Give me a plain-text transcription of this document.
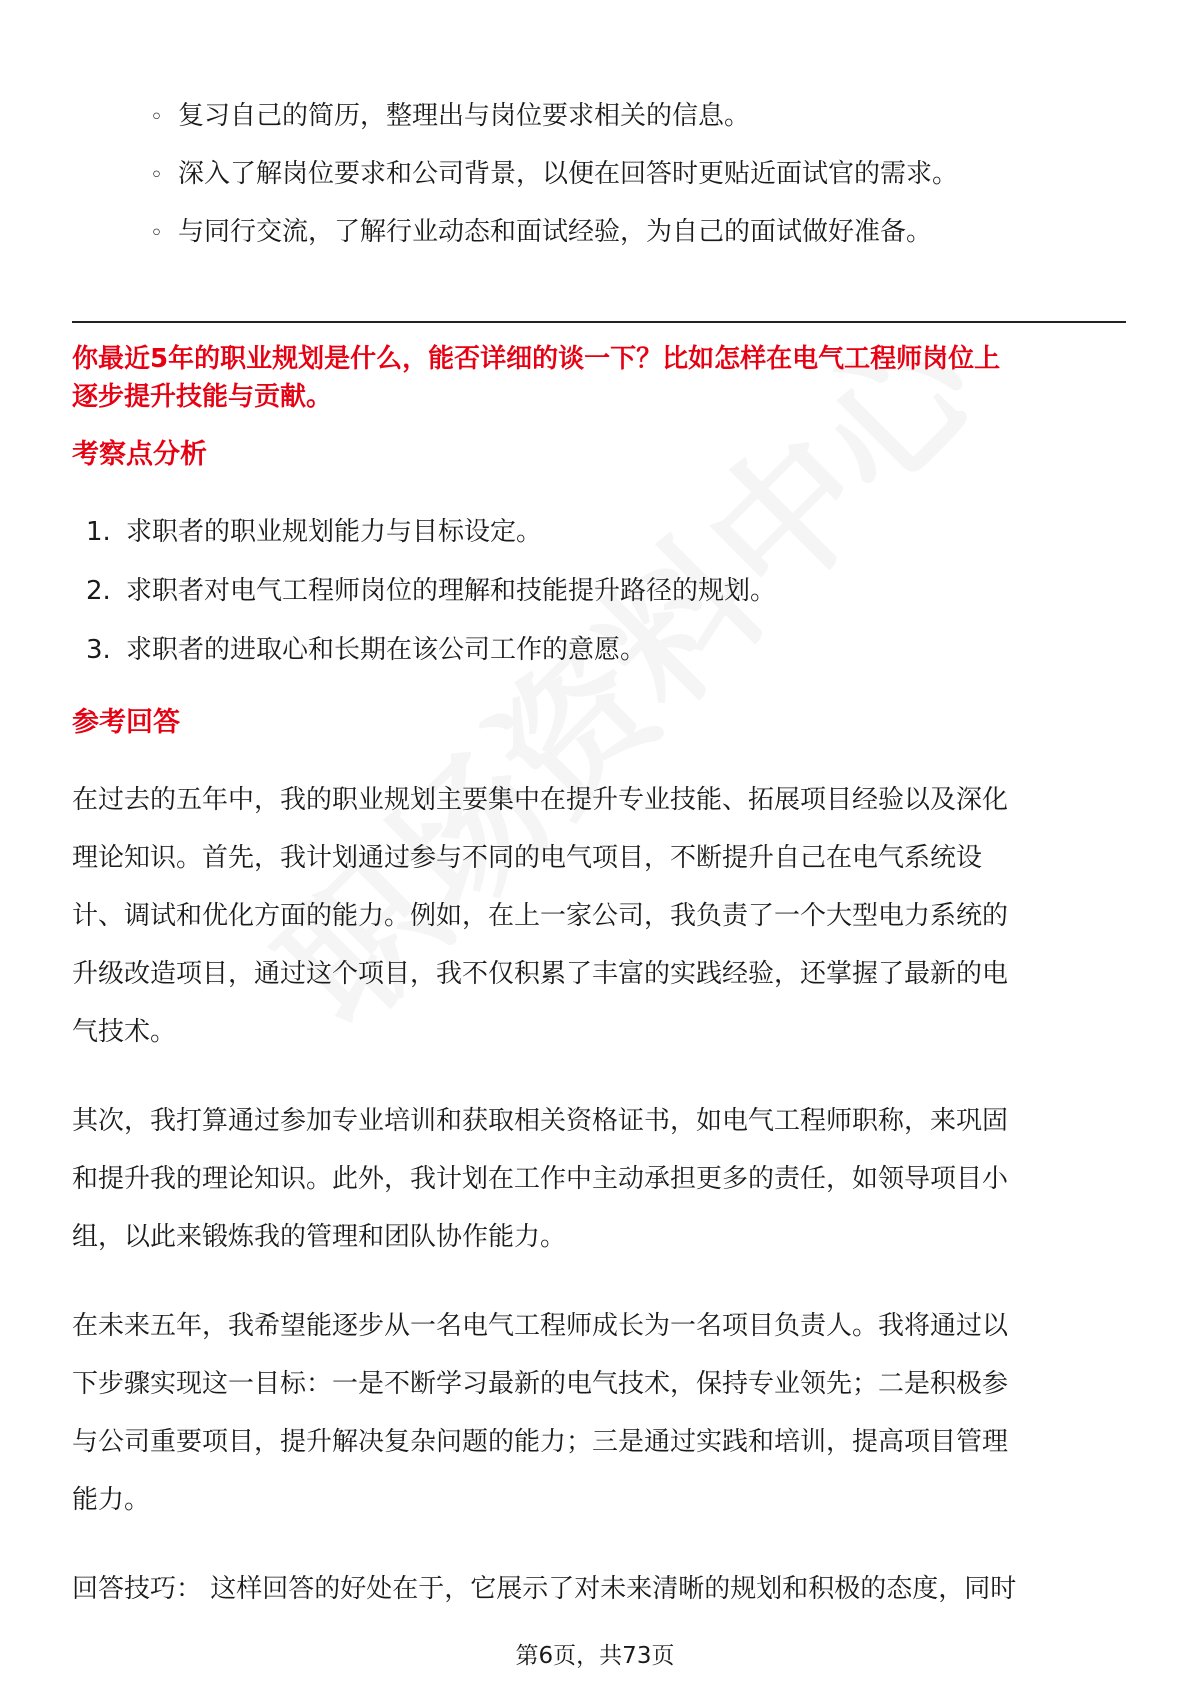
◦ 复习自己的简历，整理出与岗位要求相关的信息。
◦ 深入了解岗位要求和公司背景，以便在回答时更贴近面试官的需求。
◦ 与同行交流，了解行业动态和面试经验，为自己的面试做好准备。
你最近5年的职业规划是什么，能否详细的谈一下？比如怎样在电气工程师岗位上
逐步提升技能与贡献。
考察点分析
1. 求职者的职业规划能力与目标设定。
2. 求职者对电气工程师岗位的理解和技能提升路径的规划。
3. 求职者的进取心和长期在该公司工作的意愿。
参考回答
在过去的五年中，我的职业规划主要集中在提升专业技能、拓展项目经验以及深化
理论知识。首先，我计划通过参与不同的电气项目，不断提升自己在电气系统设
计、调试和优化方面的能力。例如，在上一家公司，我负责了一个大型电力系统的
升级改造项目，通过这个项目，我不仅积累了丰富的实践经验，还掌握了最新的电
气技术。
其次，我打算通过参加专业培训和获取相关资格证书，如电气工程师职称，来巩固
和提升我的理论知识。此外，我计划在工作中主动承担更多的责任，如领导项目小
组，以此来锻炼我的管理和团队协作能力。
在未来五年，我希望能逐步从一名电气工程师成长为一名项目负责人。我将通过以
下步骤实现这一目标：一是不断学习最新的电气技术，保持专业领先；二是积极参
与公司重要项目，提升解决复杂问题的能力；三是通过实践和培训，提高项目管理
能力。
回答技巧： 这样回答的好处在于，它展示了对未来清晰的规划和积极的态度，同时
第6页，共73页
